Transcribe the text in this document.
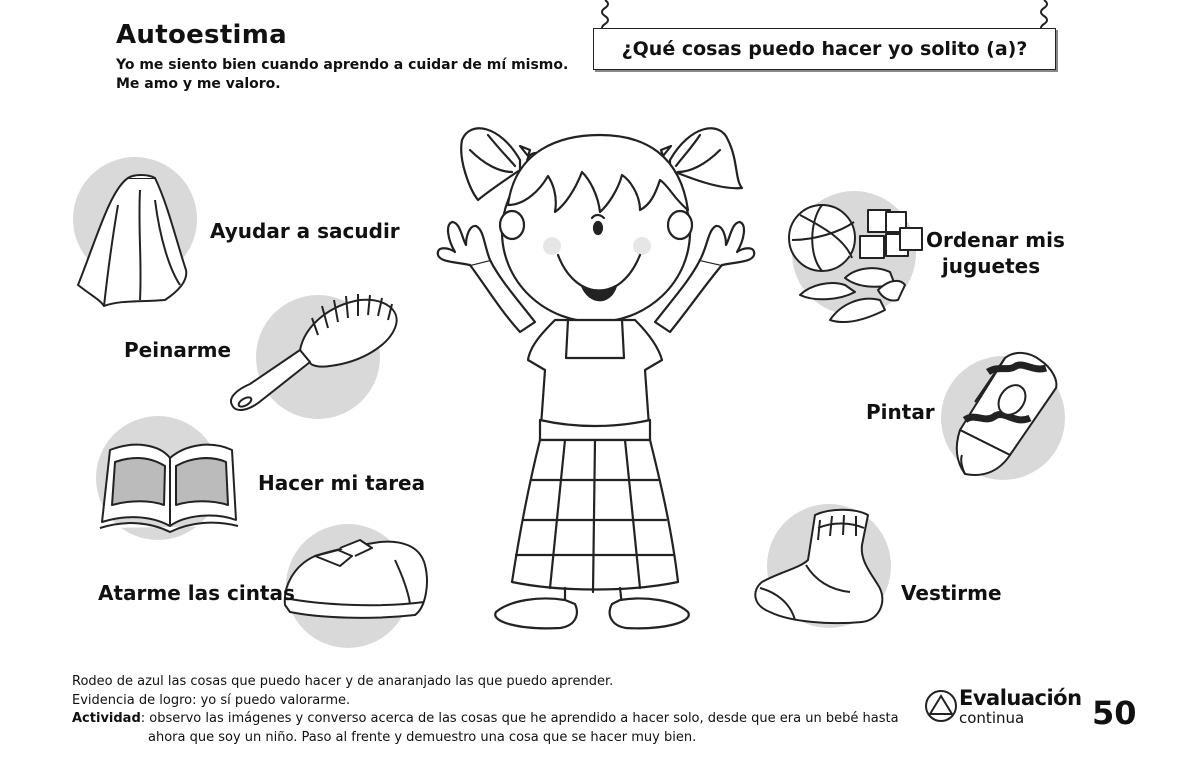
Autoestima
Yo me siento bien cuando aprendo a cuidar de mí mismo.
Me amo y me valoro.
¿Qué cosas puedo hacer yo solito (a)?
Ayudar a sacudir
Peinarme
Hacer mi tarea
Atarme las cintas
Ordenar mis
juguetes
Pintar
Vestirme
Rodeo de azul las cosas que puedo hacer y de anaranjado las que puedo aprender.
Evidencia de logro: yo sí puedo valorarme.
Actividad: observo las imágenes y converso acerca de las cosas que he aprendido a hacer solo, desde que era un bebé hasta
ahora que soy un niño. Paso al frente y demuestro una cosa que se hacer muy bien.
Evaluación
continua 50
